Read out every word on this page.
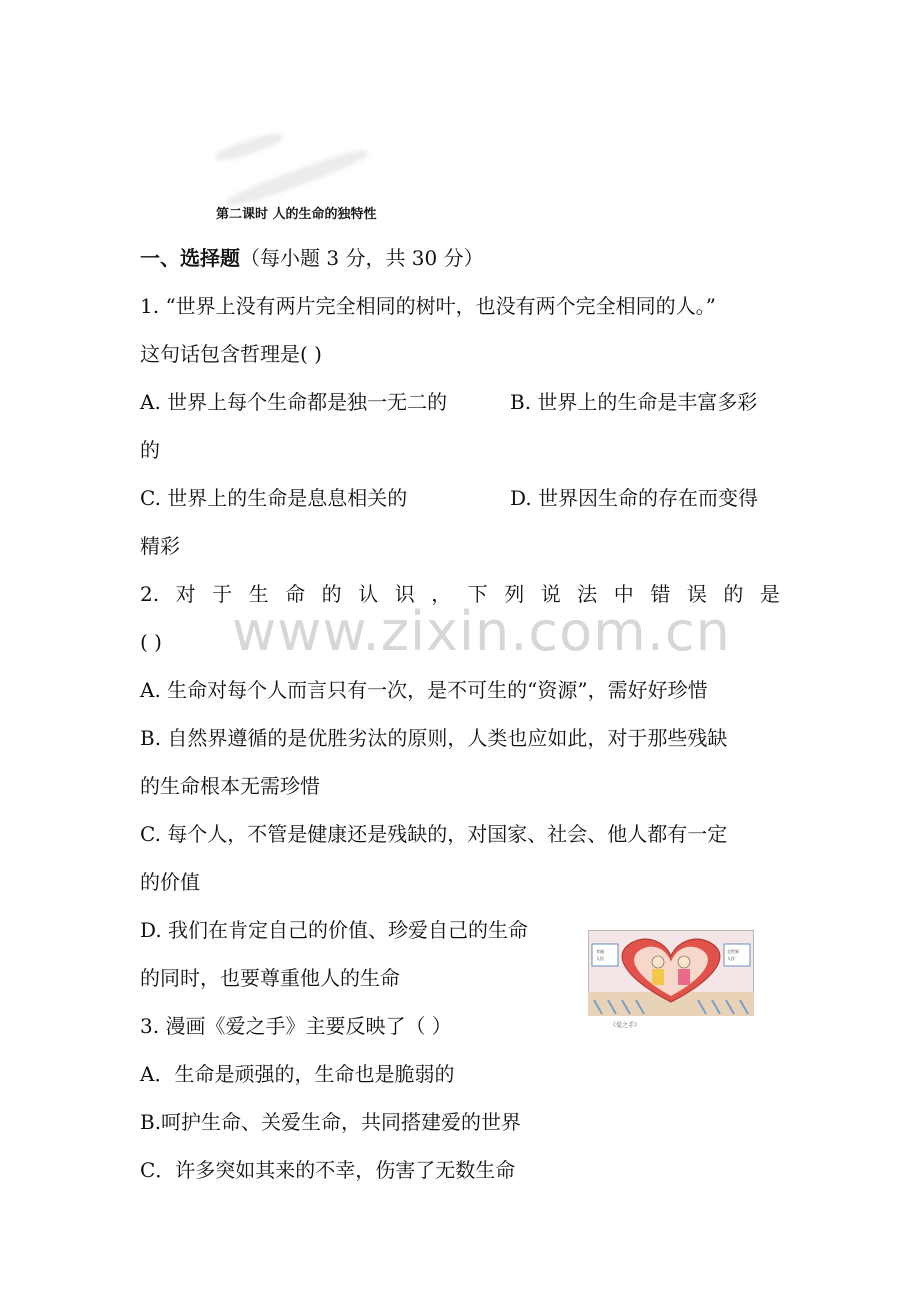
第二课时 人的生命的独特性
一、选择题（每小题 3 分，共 30 分）
1. “世界上没有两片完全相同的树叶，也没有两个完全相同的人。”
这句话包含哲理是( )
A. 世界上每个生命都是独一无二的	B. 世界上的生命是丰富多彩
的
C. 世界上的生命是息息相关的	D. 世界因生命的存在而变得
精彩
www.zixin.com.cn
2. 对 于 生 命 的 认 识 ， 下 列 说 法 中 错 误 的 是
( )
A. 生命对每个人而言只有一次，是不可生的“资源”，需好好珍惜
B. 自然界遵循的是优胜劣汰的原则，人类也应如此，对于那些残缺
的生命根本无需珍惜
C. 每个人，不管是健康还是残缺的，对国家、社会、他人都有一定
的价值
D. 我们在肯定自己的价值、珍爱自己的生命
的同时，也要尊重他人的生命
3. 漫画《爱之手》主要反映了（ ）
A．生命是顽强的，生命也是脆弱的
B.呵护生命、关爱生命，共同搭建爱的世界
C．许多突如其来的不幸，伤害了无数生命
幸福
人民
全世界
人民
《爱之手》
